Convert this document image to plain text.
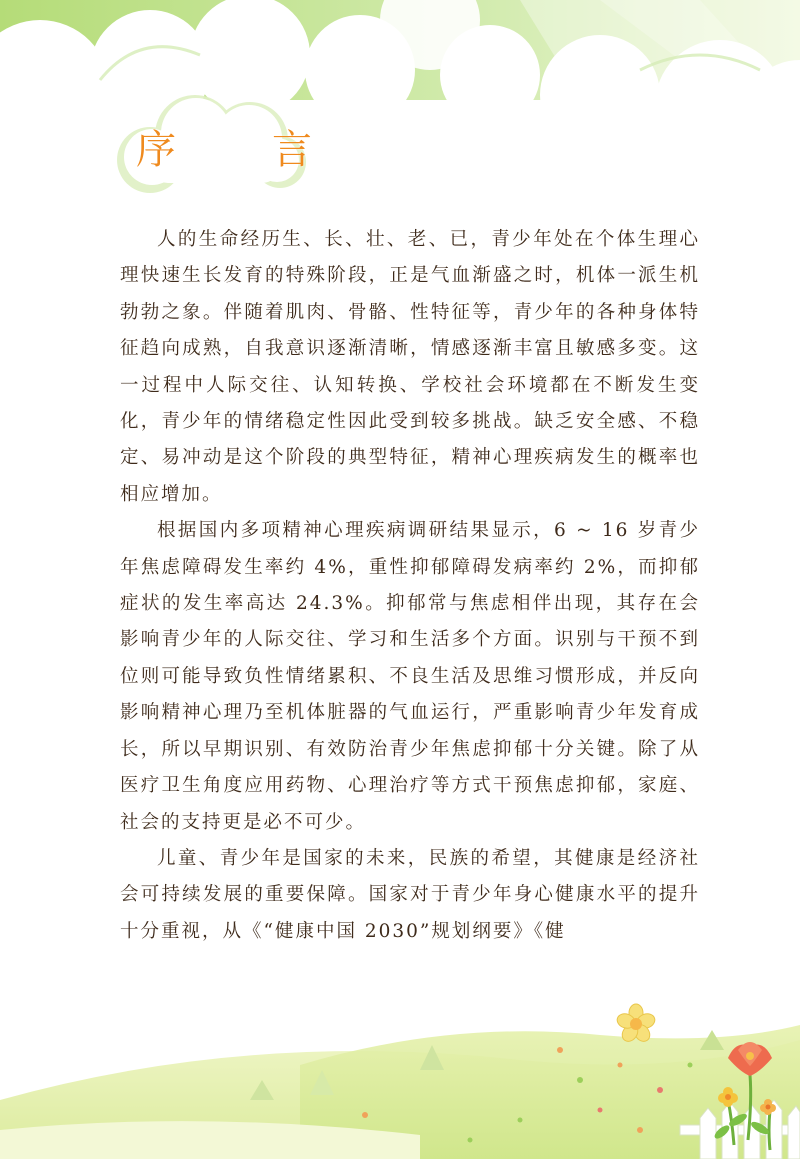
序　言

人的生命经历生、长、壮、老、已，青少年处在个体生理心理快速生长发育的特殊阶段，正是气血渐盛之时，机体一派生机勃勃之象。伴随着肌肉、骨骼、性特征等，青少年的各种身体特征趋向成熟，自我意识逐渐清晰，情感逐渐丰富且敏感多变。这一过程中人际交往、认知转换、学校社会环境都在不断发生变化，青少年的情绪稳定性因此受到较多挑战。缺乏安全感、不稳定、易冲动是这个阶段的典型特征，精神心理疾病发生的概率也相应增加。

根据国内多项精神心理疾病调研结果显示，6 ~ 16 岁青少年焦虑障碍发生率约 4%，重性抑郁障碍发病率约 2%，而抑郁症状的发生率高达 24.3%。抑郁常与焦虑相伴出现，其存在会影响青少年的人际交往、学习和生活多个方面。识别与干预不到位则可能导致负性情绪累积、不良生活及思维习惯形成，并反向影响精神心理乃至机体脏器的气血运行，严重影响青少年发育成长，所以早期识别、有效防治青少年焦虑抑郁十分关键。除了从医疗卫生角度应用药物、心理治疗等方式干预焦虑抑郁，家庭、社会的支持更是必不可少。

儿童、青少年是国家的未来，民族的希望，其健康是经济社会可持续发展的重要保障。国家对于青少年身心健康水平的提升十分重视，从《“健康中国 2030”规划纲要》《健
